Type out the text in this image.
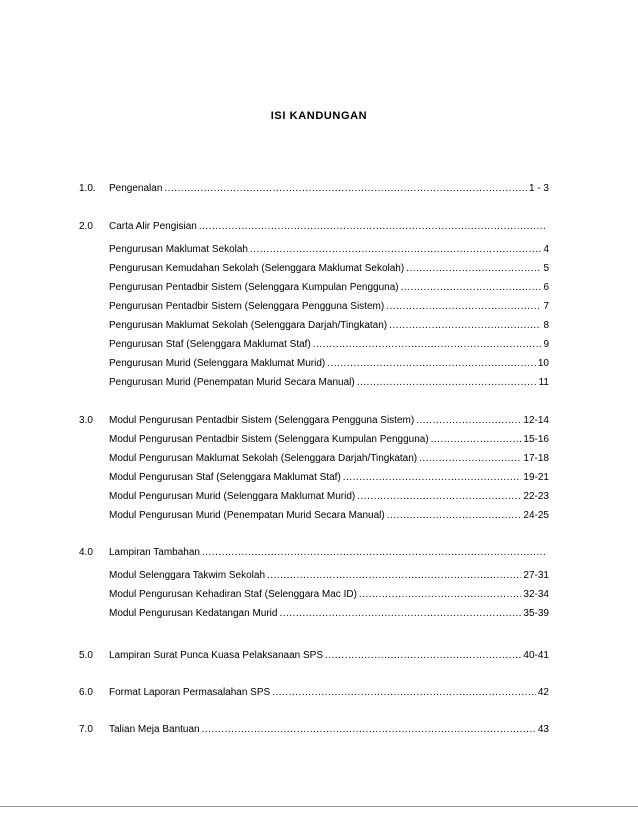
ISI KANDUNGAN
1.0.	Pengenalan .....	1 - 3
2.0	Carta Alir Pengisian
.....
Pengurusan Maklumat Sekolah .....	4
Pengurusan Kemudahan Sekolah (Selenggara Maklumat Sekolah) .....	5
Pengurusan Pentadbir Sistem (Selenggara Kumpulan Pengguna) .....	6
Pengurusan Pentadbir Sistem (Selenggara Pengguna Sistem) .....	7
Pengurusan Maklumat Sekolah (Selenggara Darjah/Tingkatan) .....	8
Pengurusan Staf (Selenggara Maklumat Staf) .....	9
Pengurusan Murid (Selenggara Maklumat Murid) .....	10
Pengurusan Murid (Penempatan Murid Secara Manual) .....	11
3.0	Modul Pengurusan Pentadbir Sistem (Selenggara Pengguna Sistem) .....	12-14
Modul Pengurusan Pentadbir Sistem (Selenggara Kumpulan Pengguna) .....	15-16
Modul Pengurusan Maklumat Sekolah (Selenggara Darjah/Tingkatan) .....	17-18
Modul Pengurusan Staf (Selenggara Maklumat Staf) .....	19-21
Modul Pengurusan Murid (Selenggara Maklumat Murid) .....	22-23
Modul Pengurusan Murid (Penempatan Murid Secara Manual) .....	24-25
4.0	Lampiran Tambahan
.....
Modul Selenggara Takwim Sekolah .....	27-31
Modul Pengurusan Kehadiran Staf (Selenggara Mac ID) .....	32-34
Modul Pengurusan Kedatangan Murid .....	35-39
5.0	Lampiran Surat Punca Kuasa Pelaksanaan SPS .....	40-41
6.0	Format Laporan Permasalahan SPS .....	42
7.0	Talian Meja Bantuan .....	43
